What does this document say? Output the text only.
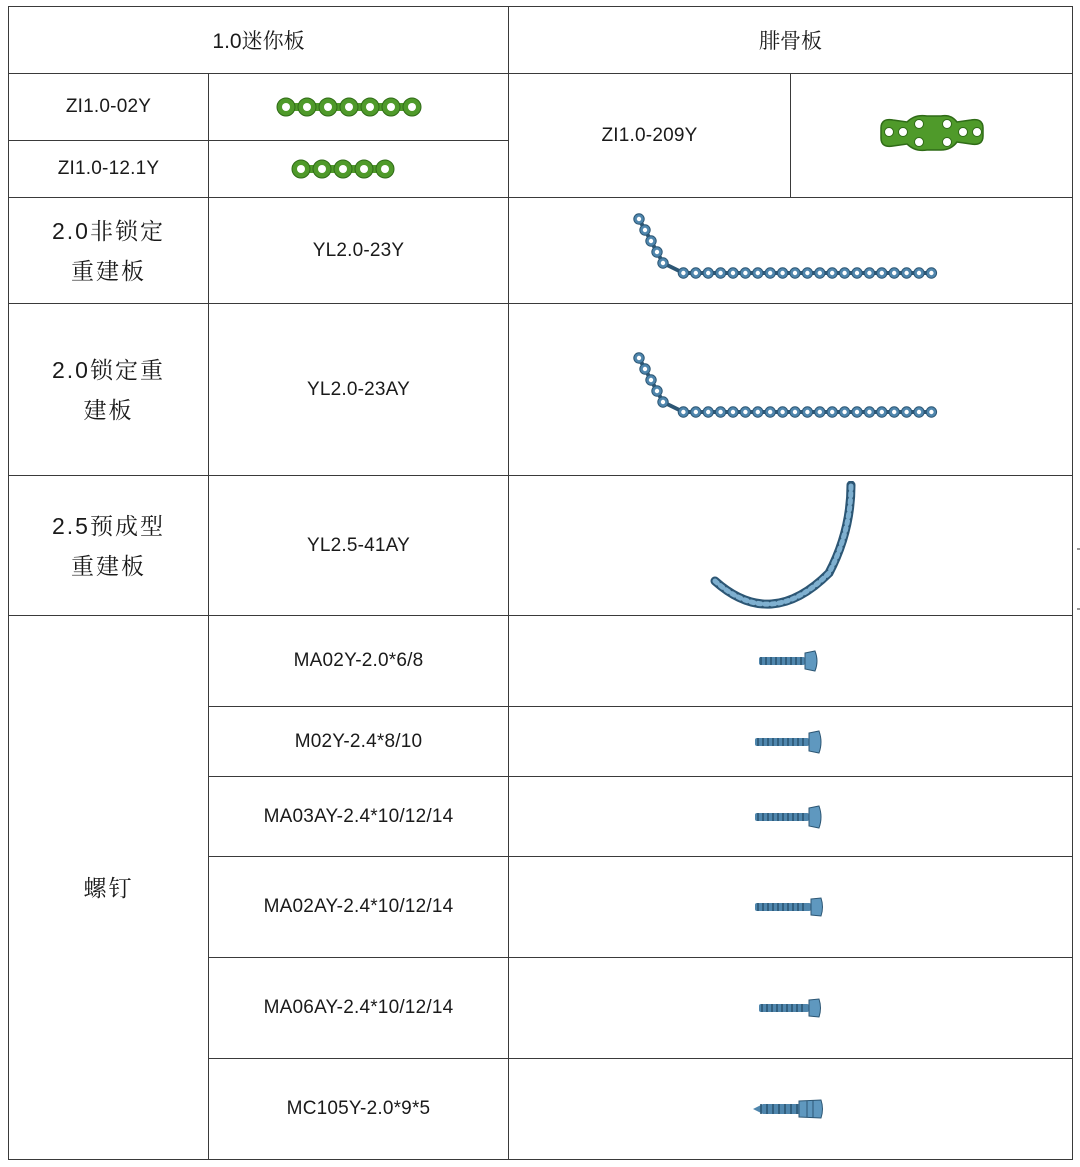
1.0迷你板		腓骨板	
ZI1.0-02Y		ZI1.0-209Y	

ZI1.0-12.1Y	

2.0非锁定
重建板	YL2.0-23Y	

2.0锁定重
建板	YL2.0-23AY	

2.5预成型
重建板	YL2.5-41AY	

螺钉	MA02Y-2.0*6/8	

	M02Y-2.4*8/10	

	MA03AY-2.4*10/12/14	

	MA02AY-2.4*10/12/14	

	MA06AY-2.4*10/12/14	

	MC105Y-2.0*9*5	
